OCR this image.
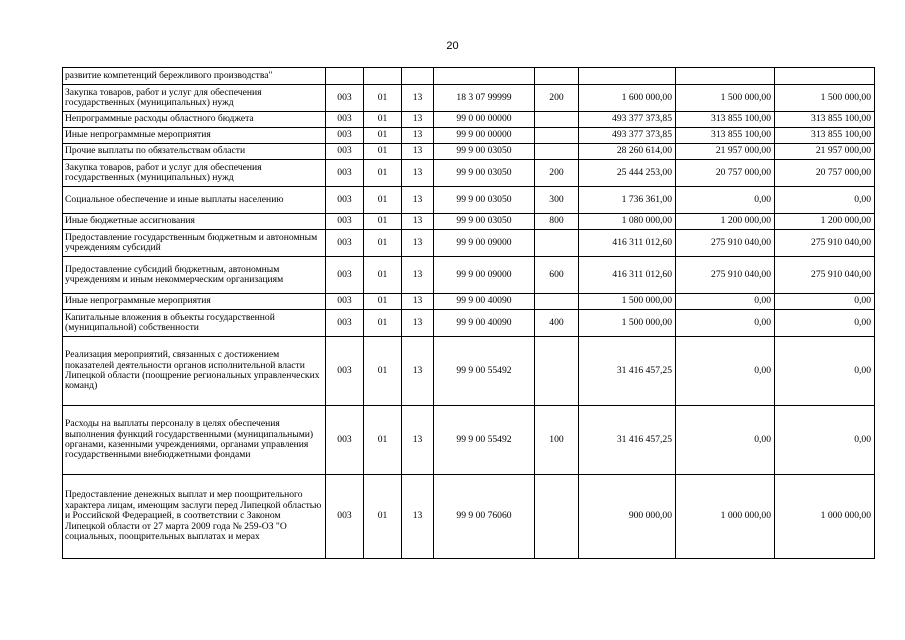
20
развитие компетенций бережливого производства"								
Закупка товаров, работ и услуг для обеспечения государственных (муниципальных) нужд	003	01	13	18 3 07 99999	200	1 600 000,00	1 500 000,00	1 500 000,00
Непрограммные расходы областного бюджета	003	01	13	99 0 00 00000		493 377 373,85	313 855 100,00	313 855 100,00
Иные непрограммные мероприятия	003	01	13	99 9 00 00000		493 377 373,85	313 855 100,00	313 855 100,00
Прочие выплаты по обязательствам области	003	01	13	99 9 00 03050		28 260 614,00	21 957 000,00	21 957 000,00
Закупка товаров, работ и услуг для обеспечения государственных (муниципальных) нужд	003	01	13	99 9 00 03050	200	25 444 253,00	20 757 000,00	20 757 000,00
Социальное обеспечение и иные выплаты населению	003	01	13	99 9 00 03050	300	1 736 361,00	0,00	0,00
Иные бюджетные ассигнования	003	01	13	99 9 00 03050	800	1 080 000,00	1 200 000,00	1 200 000,00
Предоставление государственным бюджетным и автономным учреждениям субсидий	003	01	13	99 9 00 09000		416 311 012,60	275 910 040,00	275 910 040,00
Предоставление субсидий бюджетным, автономным учреждениям и иным некоммерческим организациям	003	01	13	99 9 00 09000	600	416 311 012,60	275 910 040,00	275 910 040,00
Иные непрограммные мероприятия	003	01	13	99 9 00 40090		1 500 000,00	0,00	0,00
Капитальные вложения в объекты государственной (муниципальной) собственности	003	01	13	99 9 00 40090	400	1 500 000,00	0,00	0,00
Реализация мероприятий, связанных с достижением показателей деятельности органов исполнительной власти Липецкой области (поощрение региональных управленческих команд)	003	01	13	99 9 00 55492		31 416 457,25	0,00	0,00
Расходы на выплаты персоналу в целях обеспечения выполнения функций государственными (муниципальными) органами, казенными учреждениями, органами управления государственными внебюджетными фондами	003	01	13	99 9 00 55492	100	31 416 457,25	0,00	0,00
Предоставление денежных выплат и мер поощрительного характера лицам, имеющим заслуги перед Липецкой областью и Российской Федерацией, в соответствии с Законом Липецкой области от 27 марта 2009 года № 259-ОЗ "О социальных, поощрительных выплатах и мерах	003	01	13	99 9 00 76060		900 000,00	1 000 000,00	1 000 000,00
